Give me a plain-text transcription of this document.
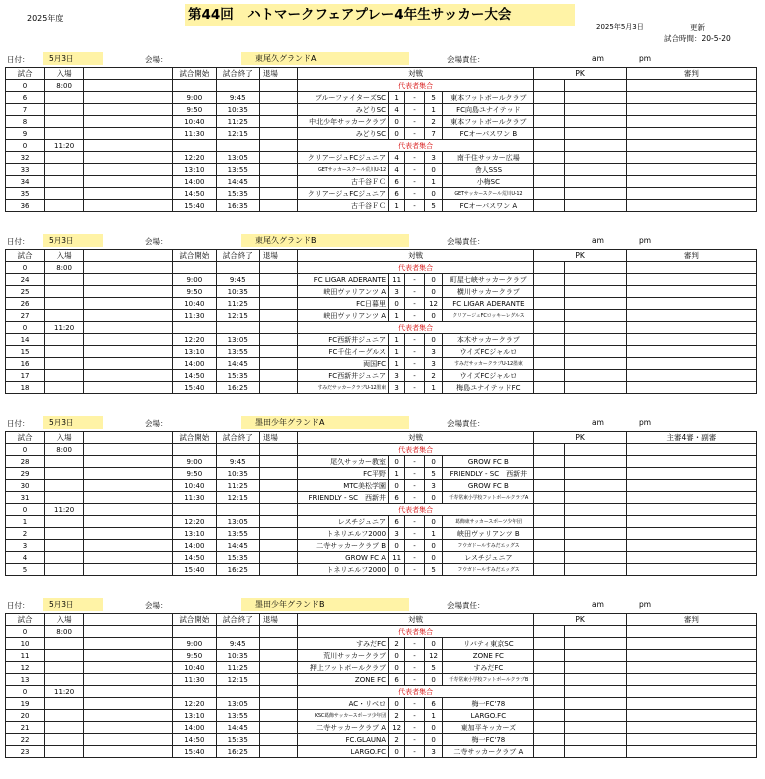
2025年度	第44回　ハトマークフェアプレー4年生サッカー大会
2025年5月3日	更新
試合時間：20-5-20
日付：	5月3日	会場：	東尾久グランドA	会場責任：	am	pm
試合	入場		試合開始	試合終了	退場	対戦					PK		審判
0	8:00					代表者集合							
6			9:00	9:45		ブルーファイターズSC	1	-	5	東本フットボールクラブ			
7			9:50	10:35		みどりSC	4	-	1	FC向島ユナイテッド			
8			10:40	11:25		中北少年サッカークラブ	0	-	2	東本フットボールクラブ			
9			11:30	12:15		みどりSC	0	-	7	FCオーパスワン B			
0	11:20					代表者集合							
32			12:20	13:05		クリアージュFCジュニア	4	-	3	南千住サッカー広場			
33			13:10	13:55		GETサッカースクール荒川U-12	4	-	0	舎人SSS			
34			14:00	14:45		古千谷ＦＣ	6	-	1	小梅SC			
35			14:50	15:35		クリアージュFCジュニア	6	-	0	GETサッカースクール荒川U-12			
36			15:40	16:35		古千谷ＦＣ	1	-	5	FCオーパスワン A			
日付：	5月3日	会場：	東尾久グランドB	会場責任：	am	pm
試合	入場		試合開始	試合終了	退場	対戦					PK		審判
0	8:00					代表者集合							
24			9:00	9:45		FC LIGAR ADERANTE	11	-	0	町屋七峡サッカークラブ			
25			9:50	10:35		峡田ヴァリアンツ A	3	-	0	横川サッカークラブ			
26			10:40	11:25		FC日暮里	0	-	12	FC LIGAR ADERANTE			
27			11:30	12:15		峡田ヴァリアンツ A	1	-	0	クリアージュFCロッキーレグルス			
0	11:20					代表者集合							
14			12:20	13:05		FC西新井ジュニア	1	-	0	本木サッカークラブ			
15			13:10	13:55		FC千住イーグルス	1	-	3	ウイズFCジャルロ			
16			14:00	14:45		両国FC	1	-	3	すみだサッカークラブU-12墨東			
17			14:50	15:35		FC西新井ジュニア	3	-	2	ウイズFCジャルロ			
18			15:40	16:25		すみだサッカークラブU-12墨東	3	-	1	梅島ユナイテッドFC			
日付：	5月3日	会場：	墨田少年グランドA	会場責任：	am	pm
試合	入場		試合開始	試合終了	退場	対戦					PK		主審4審・副審
0	8:00					代表者集合							
28			9:00	9:45		尾久サッカー教室	0	-	0	GROW FC B			
29			9:50	10:35		FC平野	1	-	5	FRIENDLY - SC　西新井			
30			10:40	11:25		MTC美松学園	0	-	3	GROW FC B			
31			11:30	12:15		FRIENDLY - SC　西新井	6	-	0	千寿常東小学校フットボールクラブA			
0	11:20					代表者集合							
1			12:20	13:05		レスチジュニア	6	-	0	葛飾東サッカースポーツ少年団			
2			13:10	13:55		トネリエルフ2000	3	-	1	峡田ヴァリアンツ B			
3			14:00	14:45		二寺サッカークラブ B	0	-	0	フウガドールすみだエッグス			
4			14:50	15:35		GROW FC A	11	-	0	レスチジュニア			
5			15:40	16:25		トネリエルフ2000	0	-	5	フウガドールすみだエッグス			
日付：	5月3日	会場：	墨田少年グランドB	会場責任：	am	pm
試合	入場		試合開始	試合終了	退場	対戦					PK		審判
0	8:00					代表者集合							
10			9:00	9:45		すみだFC	2	-	0	リバティ東京SC			
11			9:50	10:35		荒川サッカークラブ	0	-	12	ZONE FC			
12			10:40	11:25		押上フットボールクラブ	0	-	5	すみだFC			
13			11:30	12:15		ZONE FC	6	-	0	千寿常東小学校フットボールクラブB			
0	11:20					代表者集合							
19			12:20	13:05		AC・リベロ	0	-	6	梅一FC'78			
20			13:10	13:55		KSC葛飾サッカースポーツ少年団	2	-	1	LARGO.FC			
21			14:00	14:45		二寺サッカークラブ A	12	-	0	東加平キッカーズ			
22			14:50	15:35		FC.GLAUNA	2	-	0	梅一FC'78			
23			15:40	16:25		LARGO.FC	0	-	3	二寺サッカークラブ A			
